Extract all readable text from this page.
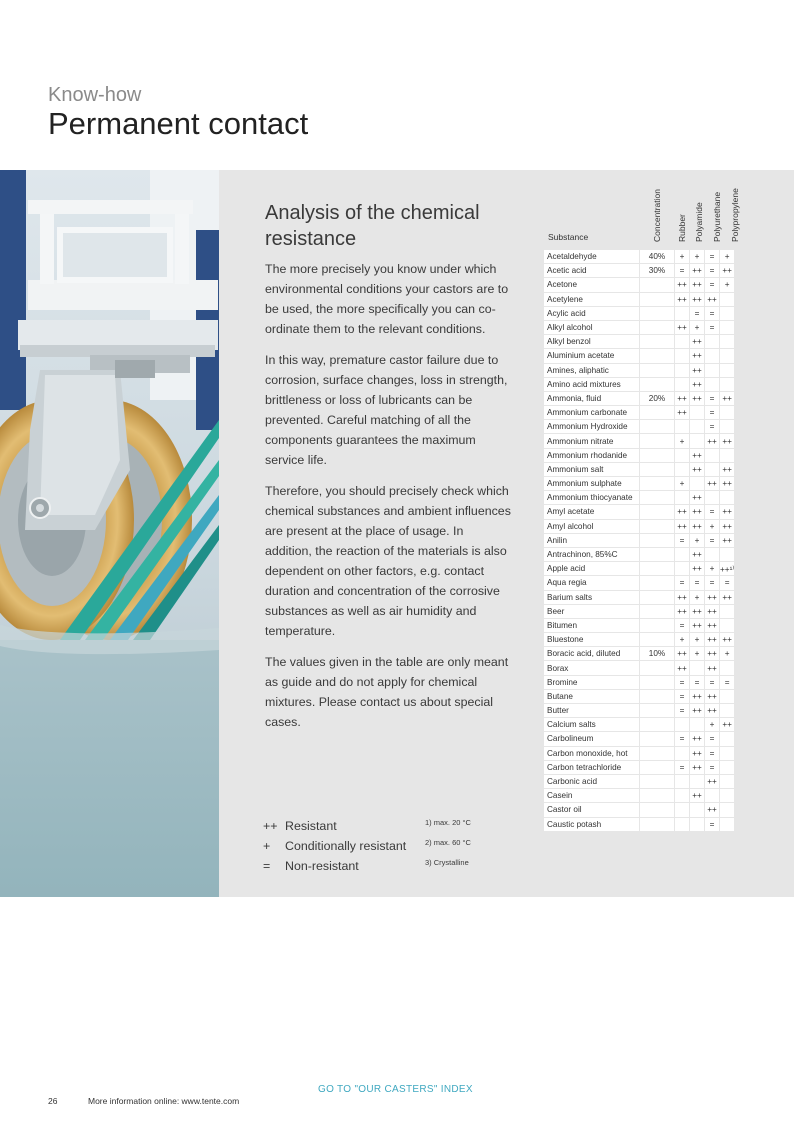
Know-how
Permanent contact
Analysis of the chemical resistance

The more precisely you know under which environmental conditions your castors are to be used, the more specifically you can co-ordinate them to the relevant conditions.

In this way, premature castor failure due to corrosion, surface changes, loss in strength, brittleness or loss of lubricants can be prevented. Careful matching of all the components guarantees the maximum service life.

Therefore, you should precisely check which chemical substances and ambient influences are present at the place of usage. In addition, the reaction of the materials is also dependent on other factors, e.g. contact duration and concentration of the corrosive substances as well as air humidity and temperature.

The values given in the table are only meant as guide and do not apply for chemical mixtures. Please contact us about special cases.

++ Resistant
+	Conditionally resistant
=	Non-resistant
1) max. 20 °C
2) max. 60 °C
3) Crystalline
Substance	Concentration Rubber Polyamide Polyurethane Polypropylene
Acetaldehyde	40%	+	+	=	+
Acetic acid	30%	=	++	=	++
Acetone		++	++	=	+
Acetylene		++	++	++	
Acylic acid			=	=	
Alkyl alcohol		++	+	=	
Alkyl benzol			++		
Aluminium acetate			++		
Amines, aliphatic			++		
Amino acid mixtures			++		
Ammonia, fluid	20%	++	++	=	++
Ammonium carbonate		++		=	
Ammonium Hydroxide				=	
Ammonium nitrate		+		++	++
Ammonium rhodanide			++		
Ammonium salt			++		++
Ammonium sulphate		+		++	++
Ammonium thiocyanate			++		
Amyl acetate		++	++	=	++
Amyl alcohol		++	++	+	++
Anilin		=	+	=	++
Antrachinon, 85%C			++		
Apple acid			++	+	++¹⁾
Aqua regia		=	=	=	=
Barium salts		++	+	++	++
Beer		++	++	++	
Bitumen		=	++	++	
Bluestone		+	+	++	++
Boracic acid, diluted	10%	++	+	++	+
Borax		++		++	
Bromine		=	=	=	=
Butane		=	++	++	
Butter		=	++	++	
Calcium salts				+	++
Carbolineum		=	++	=	
Carbon monoxide, hot			++	=	
Carbon tetrachloride		=	++	=	
Carbonic acid				++	
Casein			++		
Castor oil				++	
Caustic potash				=	
GO TO "OUR CASTERS" INDEX
26	More information online: www.tente.com
